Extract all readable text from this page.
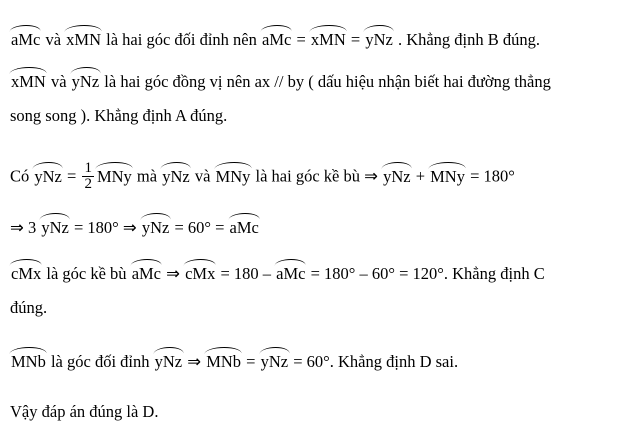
aMc và
xMN là hai góc đối đỉnh nên
aMc =
xMN =
yNz . Khẳng định B đúng.
xMN và
yNz là hai góc đồng vị nên ax // by ( dấu hiệu nhận biết hai đường thẳng
song song ). Khẳng định A đúng.
Có
yNz = $\frac{1}{2}$ MNy mà
yNz và
MNy là hai góc kề bù ⇒ yNz +
MNy = 180°
⇒ 3
yNz = 180° ⇒
yNz = 60° =
aMc
cMx là góc kề bù
aMc ⇒
cMx = 180 –
aMc = 180° – 60° = 120°. Khẳng định C
đúng.
MNb là góc đối đỉnh
yNz ⇒
MNb =
yNz = 60°. Khẳng định D sai.
Vậy đáp án đúng là D.
